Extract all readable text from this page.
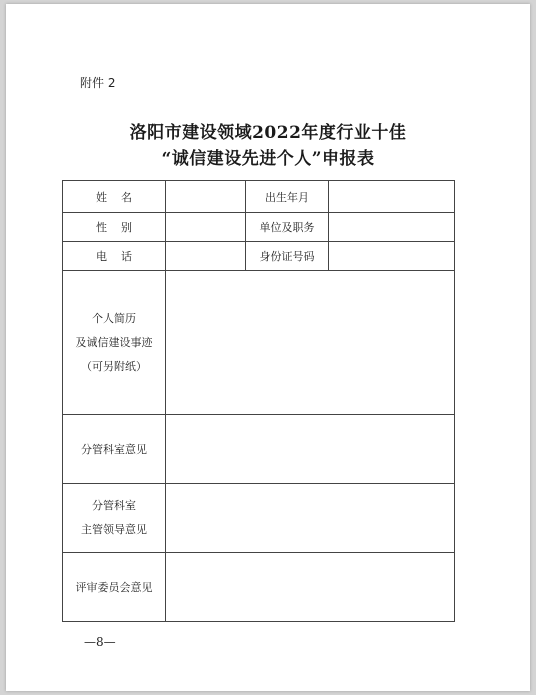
附件 2
洛阳市建设领域2022年度行业十佳
“诚信建设先进个人”申报表
姓名		出生年月	
性别		单位及职务	
电话		身份证号码	

个人简历
及诚信建设事迹
（可另附纸）			

分管科室意见			

分管科室
主管领导意见			

评审委员会意见			
—8—
